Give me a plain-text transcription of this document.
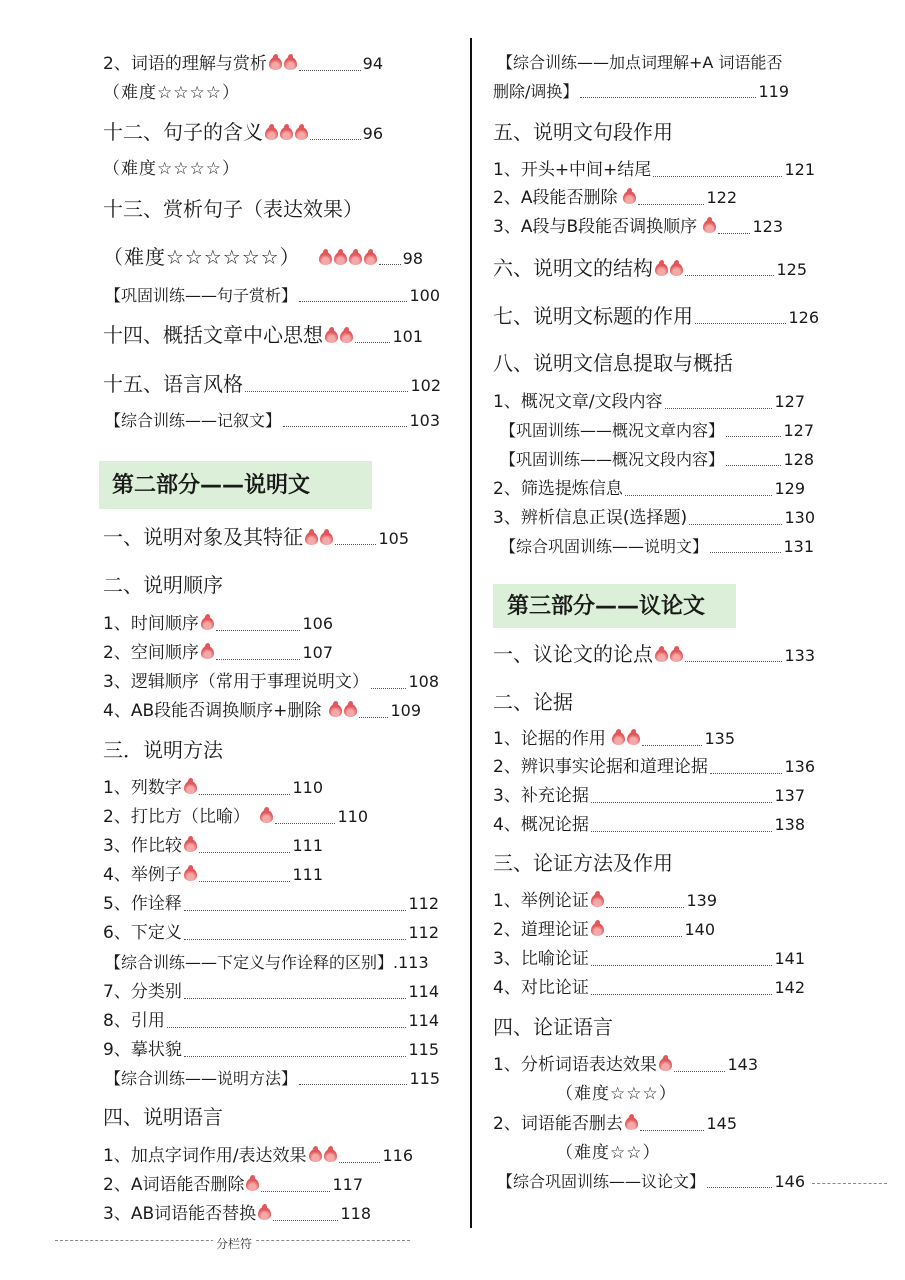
2、词语的理解与赏析	94
（难度☆☆☆☆）
十二、句子的含义	96
（难度☆☆☆☆）
十三、赏析句子（表达效果）
（难度☆☆☆☆☆☆）	98
【巩固训练——句子赏析】	100
十四、概括文章中心思想	101
十五、语言风格	102
【综合训练——记叙文】	103
第二部分——说明文
一、说明对象及其特征	105
二、说明顺序
1、时间顺序	106
2、空间顺序	107
3、逻辑顺序（常用于事理说明文） 108
4、AB段能否调换顺序+删除	109
三．说明方法
1、列数字	110
2、打比方（比喻）	110
3、作比较	111
4、举例子	111
5、作诠释	112
6、下定义	112
【综合训练——下定义与作诠释的区别】 .113
7、分类别	114
8、引用	114
9、摹状貌	115
【综合训练——说明方法】	115
四、说明语言
1、加点字词作用/表达效果	116
2、A词语能否删除	117
3、AB词语能否替换	118
【综合训练——加点词理解+A 词语能否
删除/调换】	119
五、说明文句段作用
1、开头+中间+结尾	121
2、A段能否删除	122
3、A段与B段能否调换顺序	123
六、说明文的结构	125
七、说明文标题的作用	126
八、说明文信息提取与概括
1、概况文章/文段内容	127
【巩固训练——概况文章内容】	127
【巩固训练——概况文段内容】	128
2、筛选提炼信息	129
3、辨析信息正误(选择题)	130
【综合巩固训练——说明文】	131
第三部分——议论文
一、议论文的论点	133
二、论据
1、论据的作用	135
2、辨识事实论据和道理论据	136
3、补充论据	137
4、概况论据	138
三、论证方法及作用
1、举例论证	139
2、道理论证	140
3、比喻论证	141
4、对比论证	142
四、论证语言
1、分析词语表达效果	143
（难度☆☆☆）
2、词语能否删去	145
（难度☆☆）
【综合巩固训练——议论文】	146
分栏符
